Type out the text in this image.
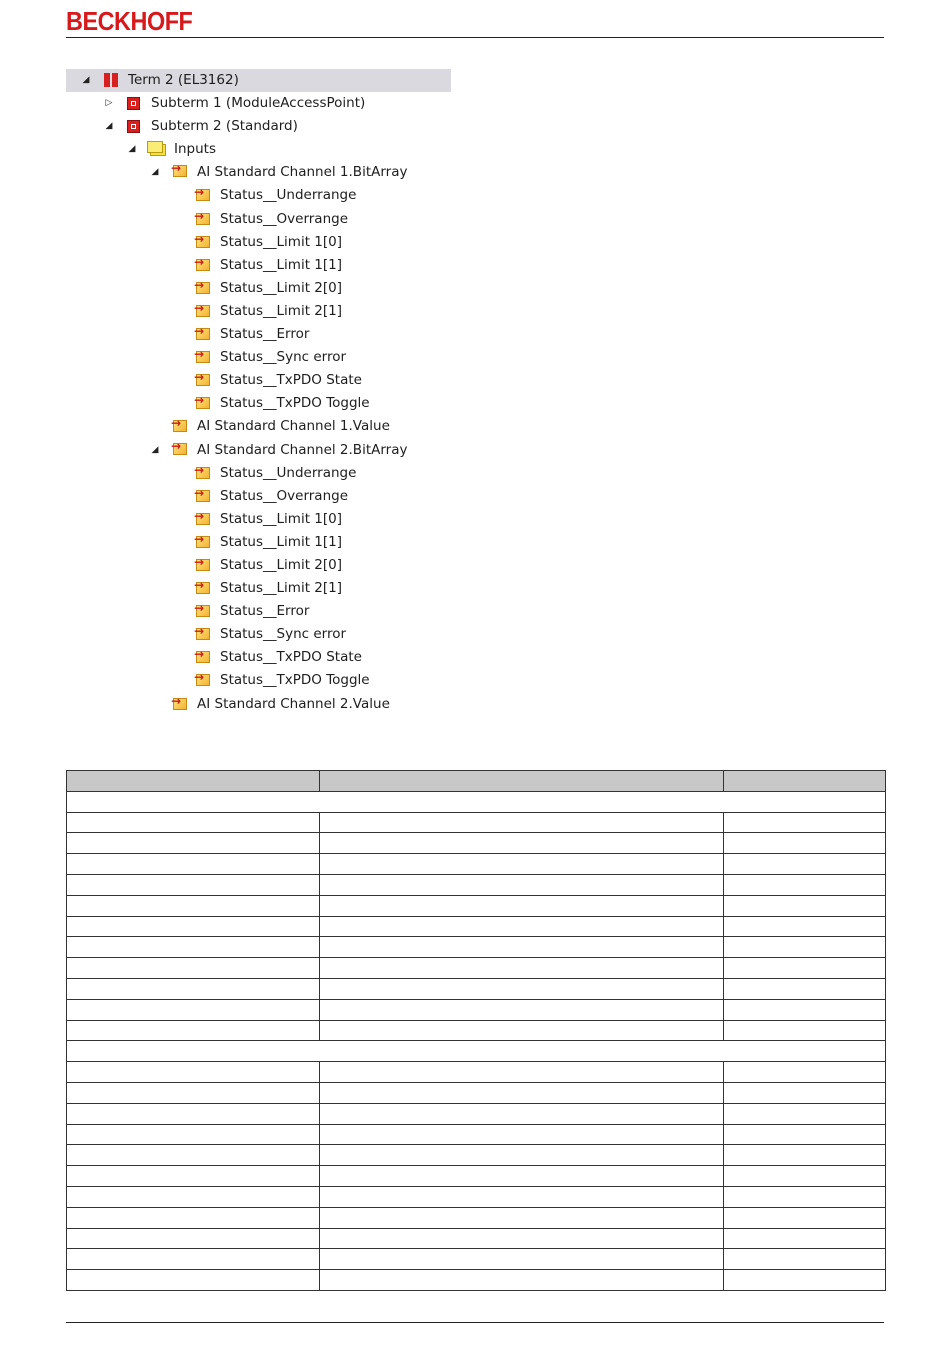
BECKHOFF
◢	Term 2 (EL3162)
▷	Subterm 1 (ModuleAccessPoint)
◢	Subterm 2 (Standard)
◢	Inputs
◢ →	AI Standard Channel 1.BitArray
→
Status__Underrange
→
Status__Overrange
→
Status__Limit 1[0]
→
Status__Limit 1[1]
→
Status__Limit 2[0]
→
Status__Limit 2[1]
→
Status__Error
→
Status__Sync error
→
Status__TxPDO State
→
Status__TxPDO Toggle
→
AI Standard Channel 1.Value
◢ →	AI Standard Channel 2.BitArray
→
Status__Underrange
→
Status__Overrange
→
Status__Limit 1[0]
→
Status__Limit 1[1]
→
Status__Limit 2[0]
→
Status__Limit 2[1]
→
Status__Error
→
Status__Sync error
→
Status__TxPDO State
→
Status__TxPDO Toggle
→
AI Standard Channel 2.Value
